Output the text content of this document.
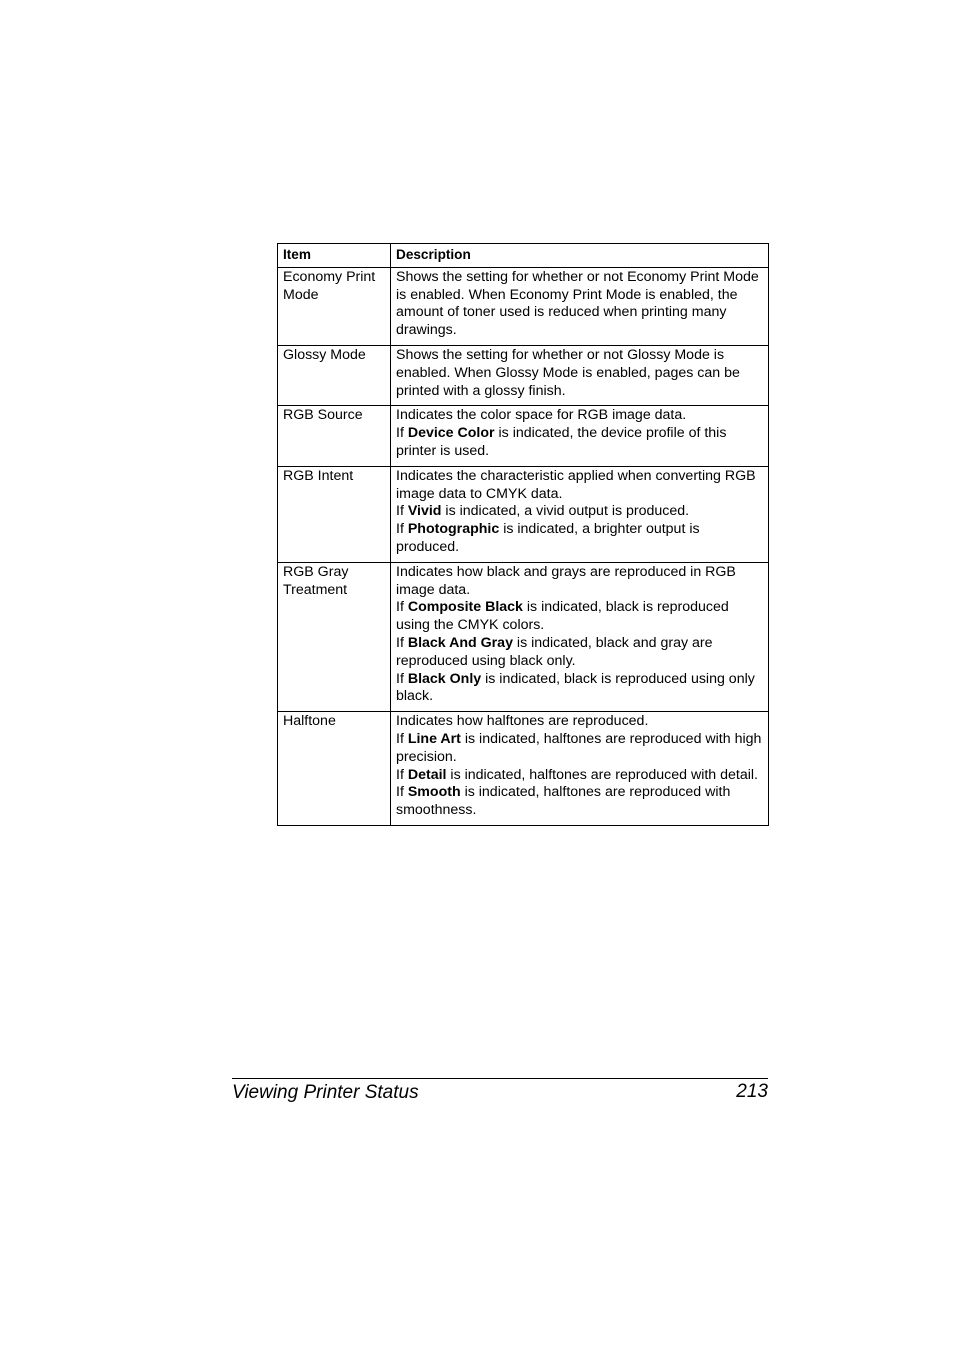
Item	Description
Economy Print Mode	Shows the setting for whether or not Economy Print Mode is enabled. When Economy Print Mode is enabled, the amount of toner used is reduced when printing many drawings.

Glossy Mode	Shows the setting for whether or not Glossy Mode is enabled. When Glossy Mode is enabled, pages can be printed with a glossy finish.

RGB Source	Indicates the color space for RGB image data.
If Device Color is indicated, the device profile of this printer is used.

RGB Intent	Indicates the characteristic applied when converting RGB image data to CMYK data.
If Vivid is indicated, a vivid output is produced.
If Photographic is indicated, a brighter output is produced.

RGB Gray Treatment	Indicates how black and grays are reproduced in RGB image data.
If Composite Black is indicated, black is reproduced using the CMYK colors.
If Black And Gray is indicated, black and gray are reproduced using black only.
If Black Only is indicated, black is reproduced using only black.

Halftone	Indicates how halftones are reproduced.
If Line Art is indicated, halftones are reproduced with high precision.
If Detail is indicated, halftones are reproduced with detail.
If Smooth is indicated, halftones are reproduced with smoothness.
Viewing Printer Status	213
